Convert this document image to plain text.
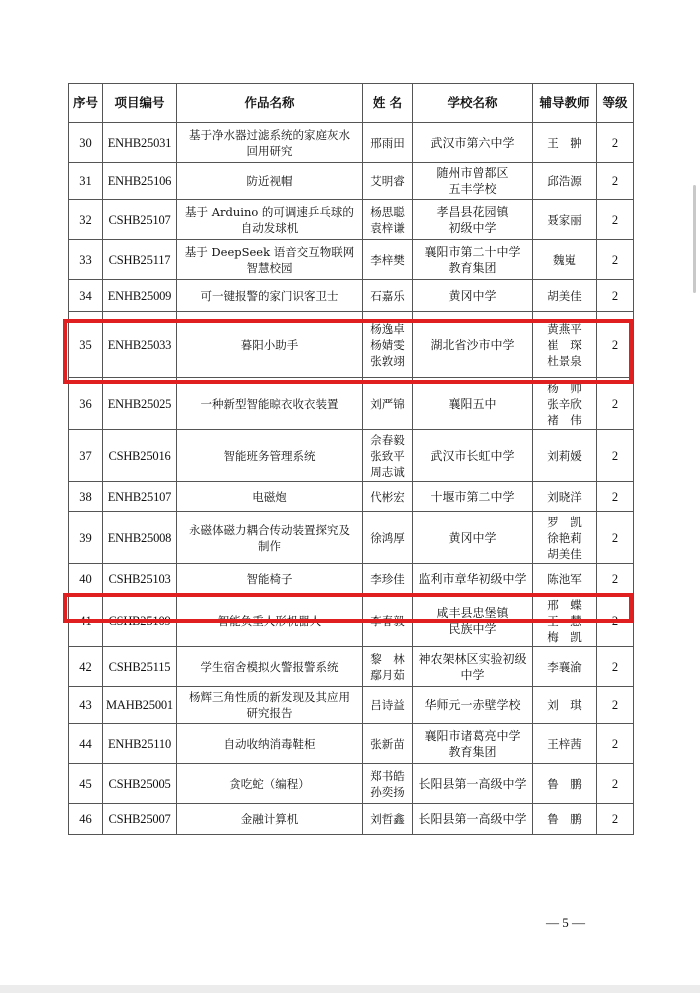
序号	项目编号	作品名称	姓 名	学校名称	辅导教师	等级
30	ENHB25031	基于净水器过滤系统的家庭灰水
回用研究	邢雨田	武汉市第六中学	王　翀	2
31	ENHB25106	防近视帽	艾明睿	随州市曾都区
五丰学校	邱浩源	2
32	CSHB25107	基于 Arduino 的可调速乒乓球的
自动发球机	杨思聪
袁梓谦	孝昌县花园镇
初级中学	聂家丽	2
33	CSHB25117	基于 DeepSeek 语音交互物联网
智慧校园	李梓樊	襄阳市第二十中学
教育集团	魏嵬	2
34	ENHB25009	可一键报警的家门识客卫士	石嘉乐	黄冈中学	胡美佳	2
35	ENHB25033	暮阳小助手	杨逸卓
杨婧雯
张敦翊	湖北省沙市中学	黄燕平
崔　琛
杜景泉	2
36	ENHB25025	一种新型智能晾衣收衣装置	刘严锦	襄阳五中	杨　帅
张辛欣
褚　伟	2
37	CSHB25016	智能班务管理系统	佘春毅
张致平
周志诚	武汉市长虹中学	刘莉媛	2
38	ENHB25107	电磁炮	代彬宏	十堰市第二中学	刘晓洋	2
39	ENHB25008	永磁体磁力耦合传动装置探究及
制作	徐鸿厚	黄冈中学	罗　凯
徐艳莉
胡美佳	2
40	CSHB25103	智能椅子	李珍佳	监利市章华初级中学	陈池军	2
41	CSHB25109	智能负重人形机器人	李春毅	咸丰县忠堡镇
民族中学	邢　蝶
王　慧
梅　凯	2
42	CSHB25115	学生宿舍模拟火警报警系统	黎　林
鄢月茹	神农架林区实验初级
中学	李襄渝	2
43	MAHB25001	杨辉三角性质的新发现及其应用
研究报告	吕诗益	华师元一赤壁学校	刘　琪	2
44	ENHB25110	自动收纳消毒鞋柜	张新苗	襄阳市诸葛亮中学
教育集团	王梓茜	2
45	CSHB25005	贪吃蛇（编程）	郑书皓
孙奕扬	长阳县第一高级中学	鲁　鹏	2
46	CSHB25007	金融计算机	刘哲鑫	长阳县第一高级中学	鲁　鹏	2
— 5 —
